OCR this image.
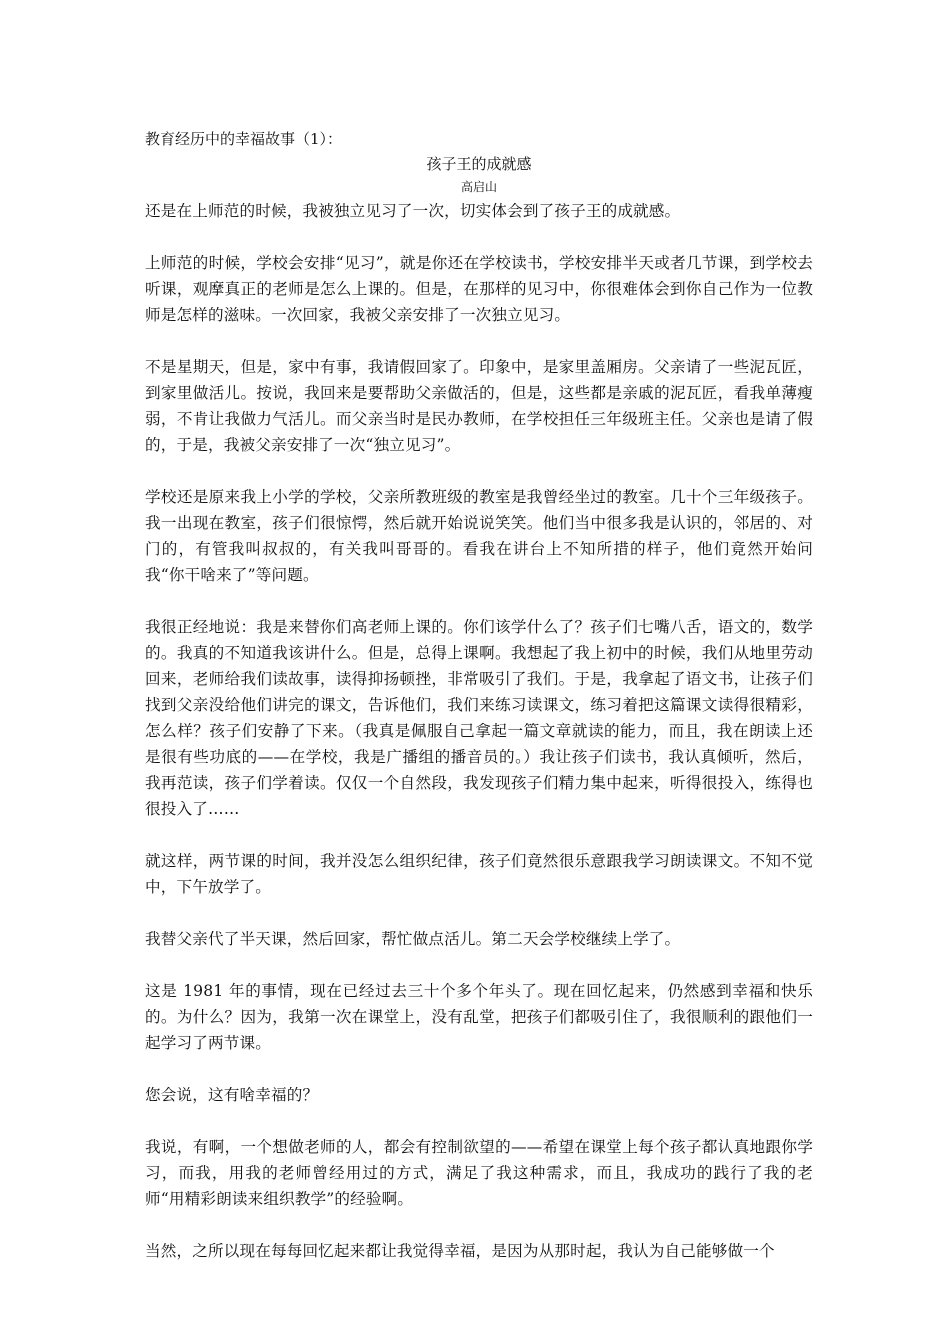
教育经历中的幸福故事（1）：

孩子王的成就感

高启山

还是在上师范的时候，我被独立见习了一次，切实体会到了孩子王的成就感。

上师范的时候，学校会安排“见习”，就是你还在学校读书，学校安排半天或者几节课，到学校去听课，观摩真正的老师是怎么上课的。但是，在那样的见习中，你很难体会到你自己作为一位教师是怎样的滋味。一次回家，我被父亲安排了一次独立见习。

不是星期天，但是，家中有事，我请假回家了。印象中，是家里盖厢房。父亲请了一些泥瓦匠，到家里做活儿。按说，我回来是要帮助父亲做活的，但是，这些都是亲戚的泥瓦匠，看我单薄瘦弱，不肯让我做力气活儿。而父亲当时是民办教师，在学校担任三年级班主任。父亲也是请了假的，于是，我被父亲安排了一次“独立见习”。

学校还是原来我上小学的学校，父亲所教班级的教室是我曾经坐过的教室。几十个三年级孩子。我一出现在教室，孩子们很惊愕，然后就开始说说笑笑。他们当中很多我是认识的，邻居的、对门的，有管我叫叔叔的，有关我叫哥哥的。看我在讲台上不知所措的样子，他们竟然开始问我“你干啥来了”等问题。

我很正经地说：我是来替你们高老师上课的。你们该学什么了？孩子们七嘴八舌，语文的，数学的。我真的不知道我该讲什么。但是，总得上课啊。我想起了我上初中的时候，我们从地里劳动回来，老师给我们读故事，读得抑扬顿挫，非常吸引了我们。于是，我拿起了语文书，让孩子们找到父亲没给他们讲完的课文，告诉他们，我们来练习读课文，练习着把这篇课文读得很精彩，怎么样？孩子们安静了下来。（我真是佩服自己拿起一篇文章就读的能力，而且，我在朗读上还是很有些功底的——在学校，我是广播组的播音员的。）我让孩子们读书，我认真倾听，然后，我再范读，孩子们学着读。仅仅一个自然段，我发现孩子们精力集中起来，听得很投入，练得也很投入了……

就这样，两节课的时间，我并没怎么组织纪律，孩子们竟然很乐意跟我学习朗读课文。不知不觉中，下午放学了。

我替父亲代了半天课，然后回家，帮忙做点活儿。第二天会学校继续上学了。

这是 1981 年的事情，现在已经过去三十个多个年头了。现在回忆起来，仍然感到幸福和快乐的。为什么？因为，我第一次在课堂上，没有乱堂，把孩子们都吸引住了，我很顺利的跟他们一起学习了两节课。

您会说，这有啥幸福的？

我说，有啊，一个想做老师的人，都会有控制欲望的——希望在课堂上每个孩子都认真地跟你学习，而我，用我的老师曾经用过的方式，满足了我这种需求，而且，我成功的践行了我的老师“用精彩朗读来组织教学”的经验啊。

当然，之所以现在每每回忆起来都让我觉得幸福，是因为从那时起，我认为自己能够做一个
